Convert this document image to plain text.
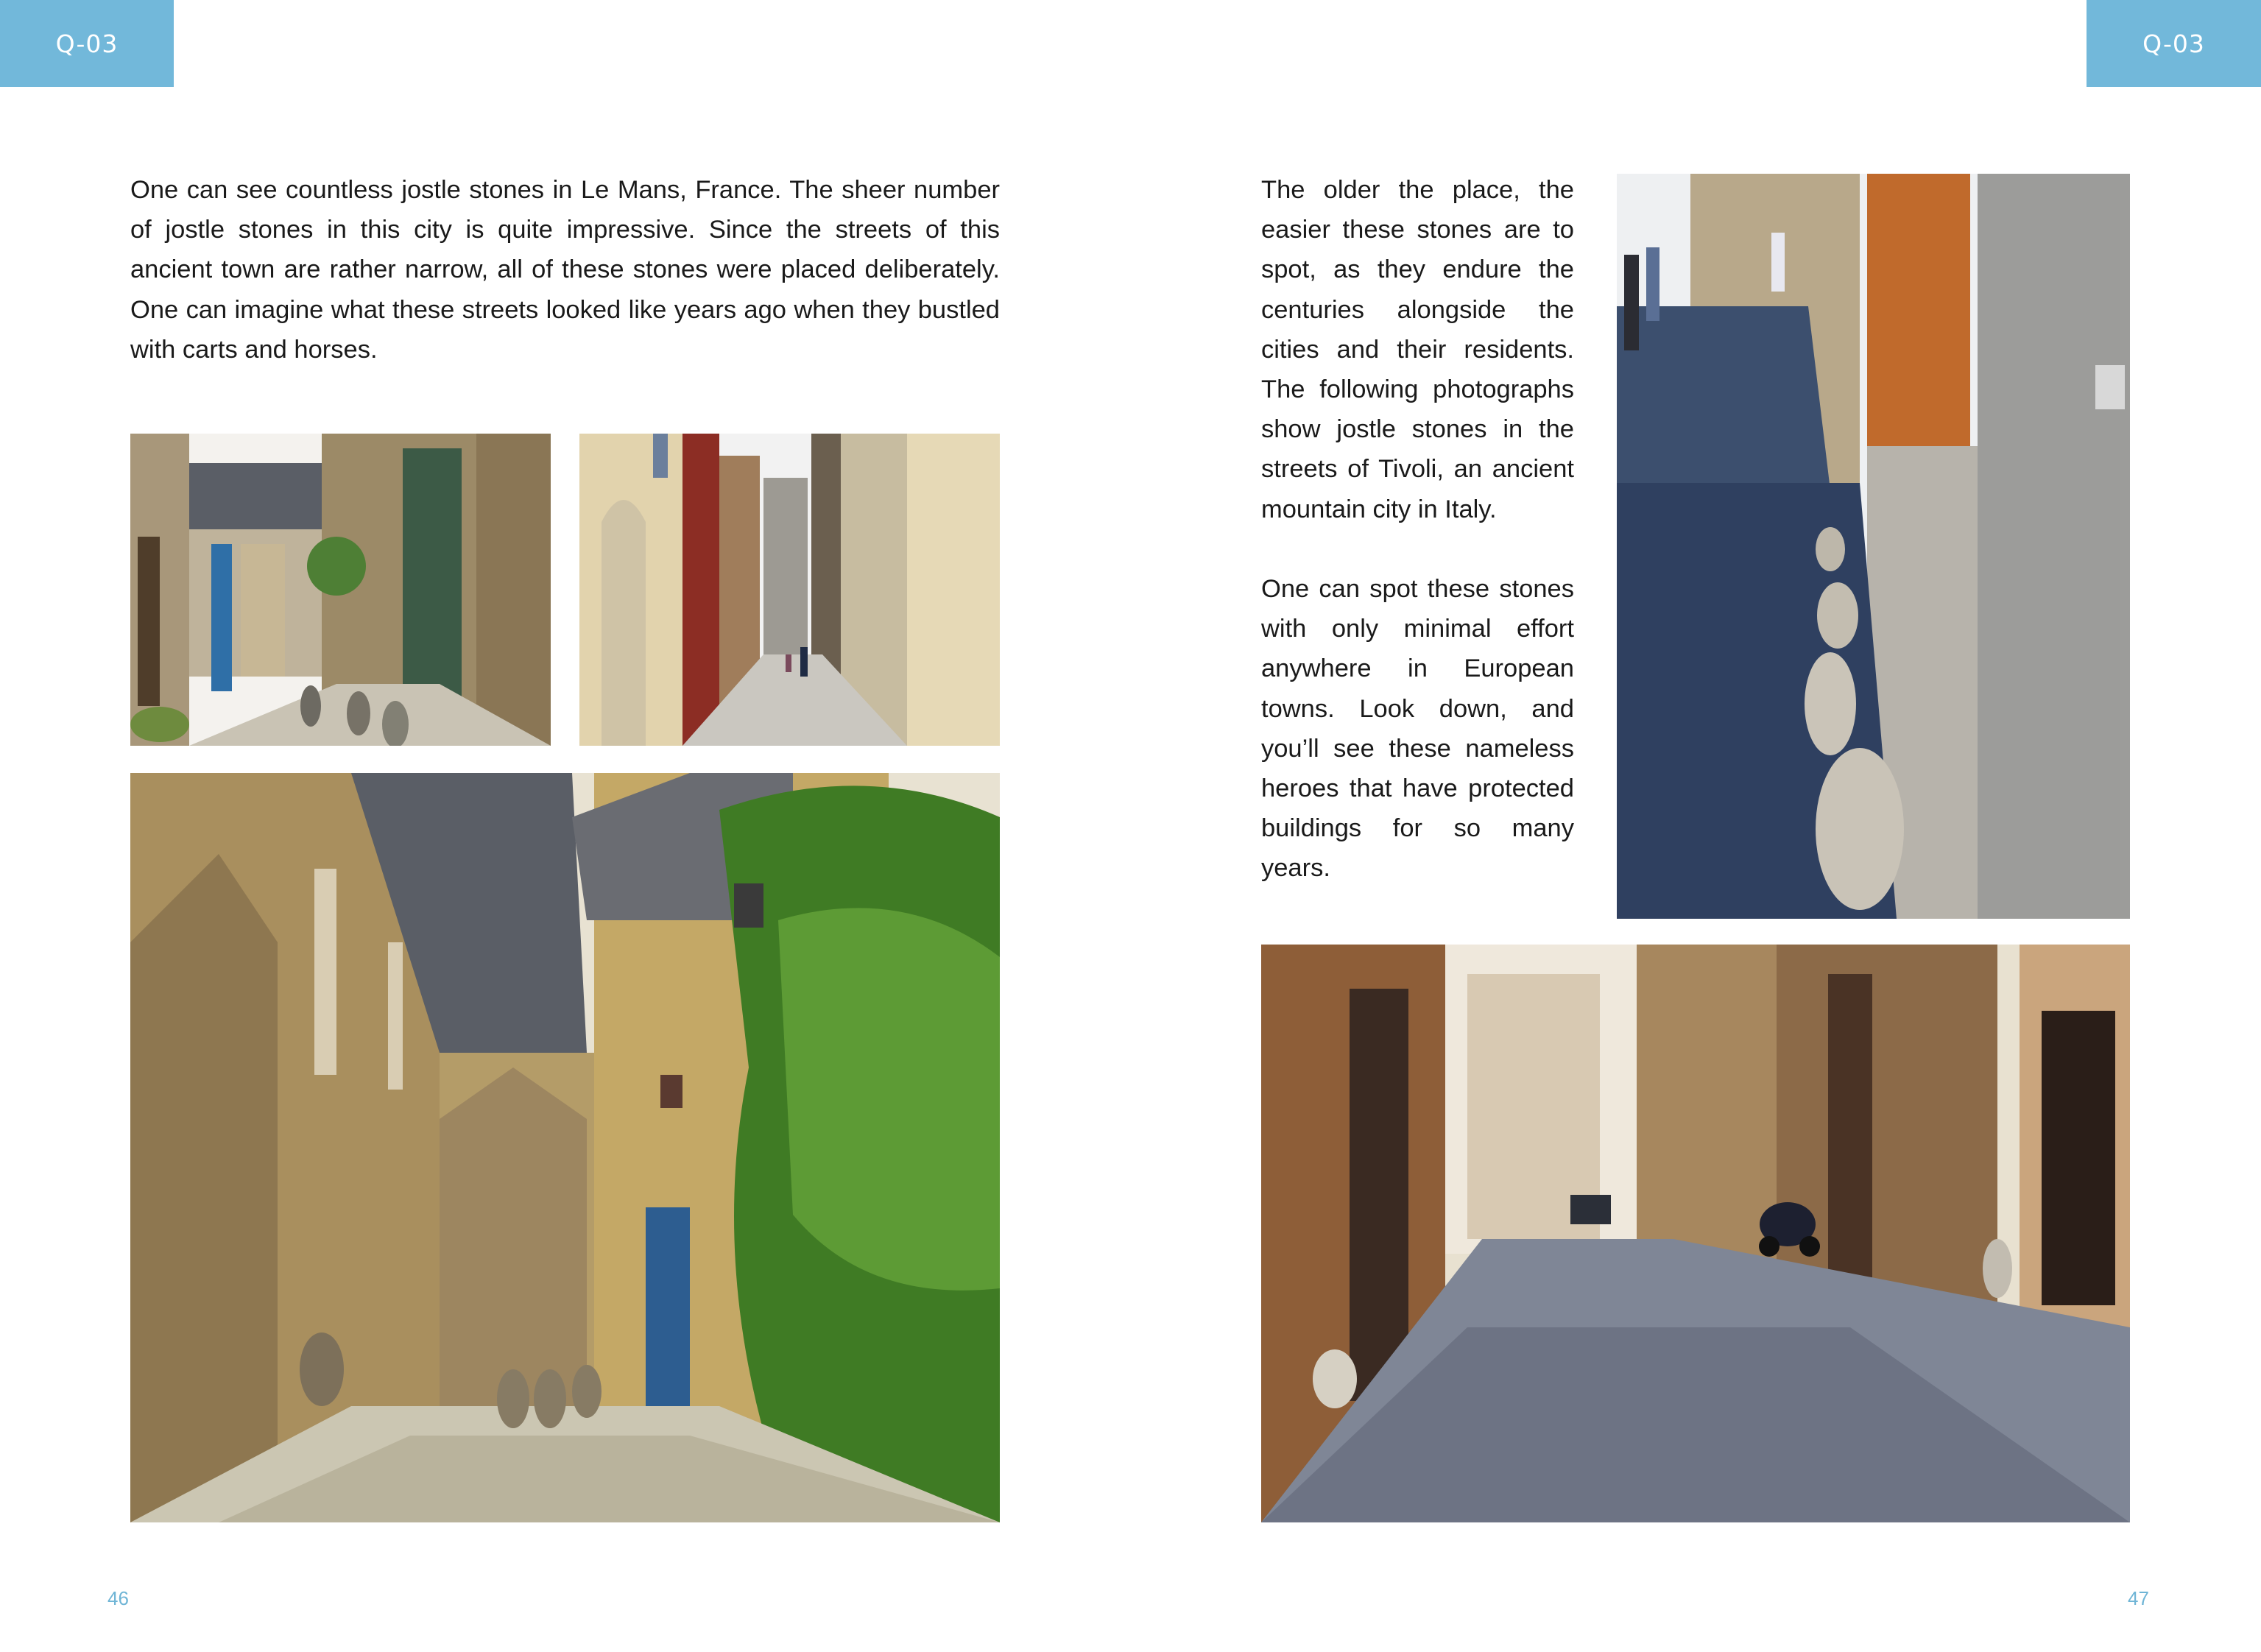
Q-03	Q-03

One can see countless jostle stones in Le Mans, France. The sheer number of jostle stones in this city is quite impressive. Since the streets of this ancient town are rather narrow, all of these stones were placed deliberately. One can imagine what these streets looked like years ago when they bustled with carts and horses.

The older the place, the easier these stones are to spot, as they endure the centuries alongside the cities and their residents. The following photographs show jostle stones in the streets of Tivoli, an ancient mountain city in Italy.

One can spot these stones with only minimal effort anywhere in European towns. Look down, and you’ll see these nameless heroes that have protected buildings for so many years.

46	47
